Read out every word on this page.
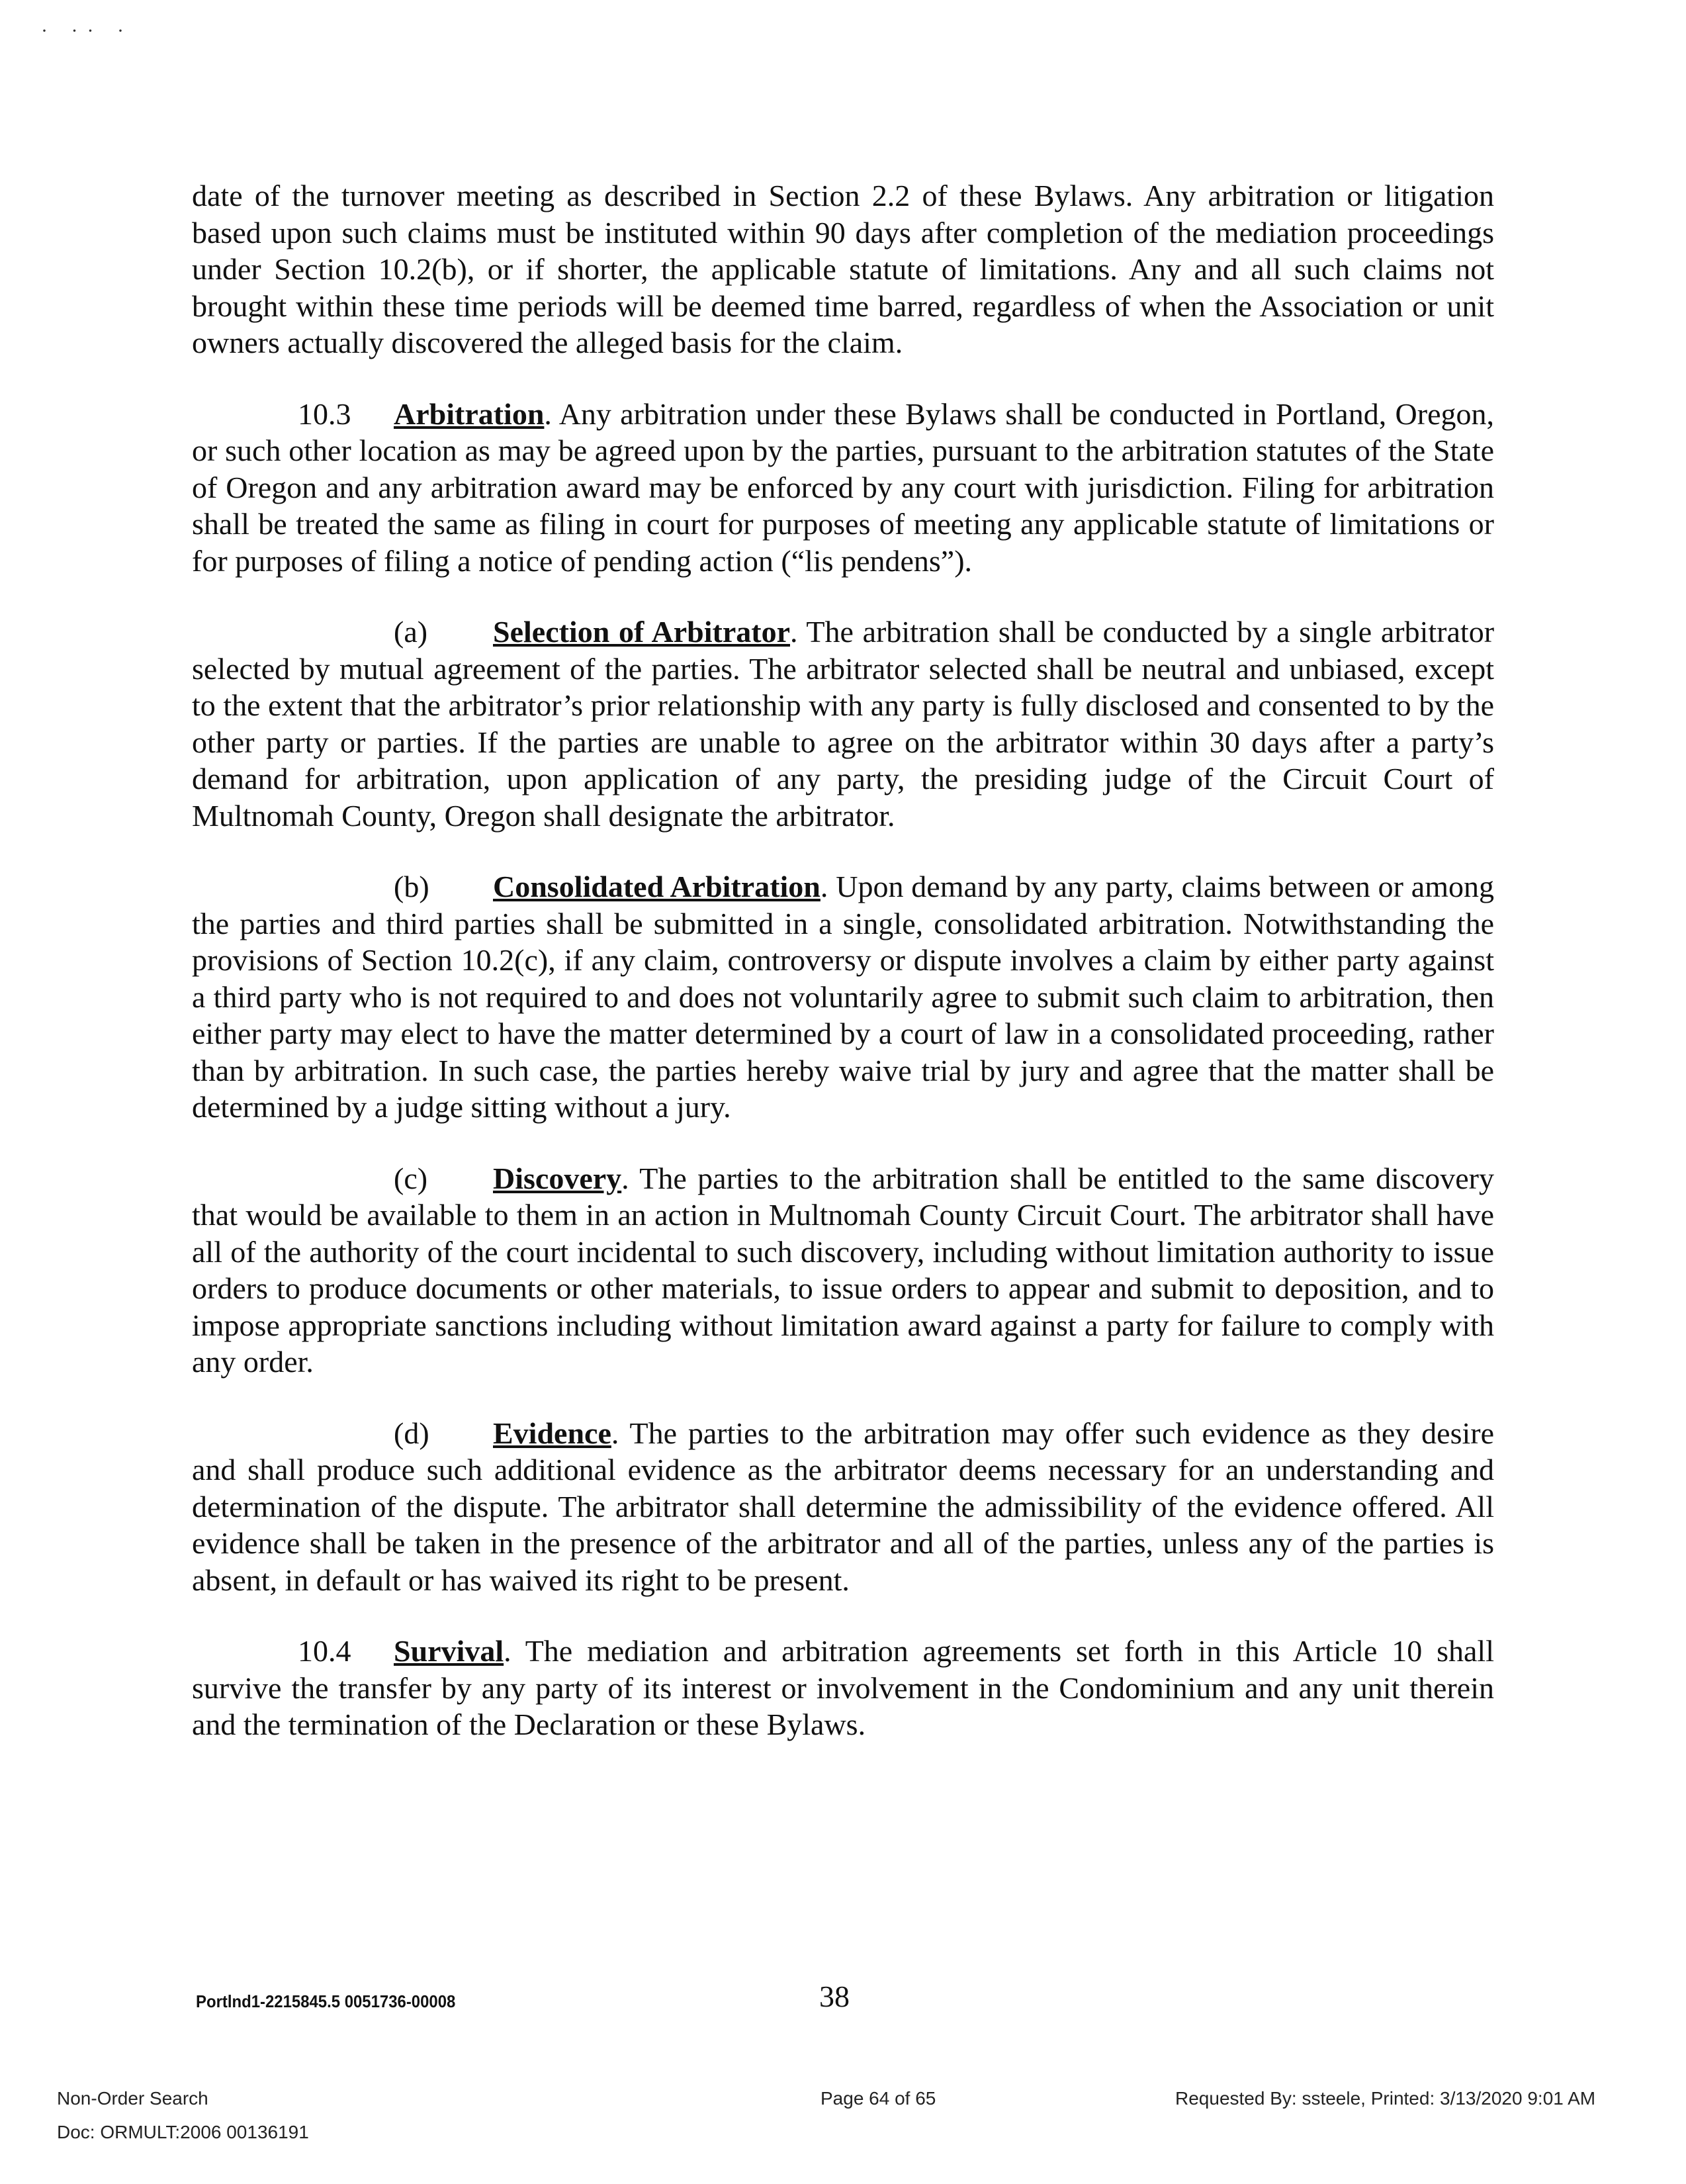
· ·· ·

date of the turnover meeting as described in Section 2.2 of these Bylaws. Any arbitration or litigation based upon such claims must be instituted within 90 days after completion of the mediation proceedings under Section 10.2(b), or if shorter, the applicable statute of limitations. Any and all such claims not brought within these time periods will be deemed time barred, regardless of when the Association or unit owners actually discovered the alleged basis for the claim.

10.3 Arbitration. Any arbitration under these Bylaws shall be conducted in Portland, Oregon, or such other location as may be agreed upon by the parties, pursuant to the arbitration statutes of the State of Oregon and any arbitration award may be enforced by any court with jurisdiction. Filing for arbitration shall be treated the same as filing in court for purposes of meeting any applicable statute of limitations or for purposes of filing a notice of pending action (“lis pendens”).

(a) Selection of Arbitrator. The arbitration shall be conducted by a single arbitrator selected by mutual agreement of the parties. The arbitrator selected shall be neutral and unbiased, except to the extent that the arbitrator’s prior relationship with any party is fully disclosed and consented to by the other party or parties. If the parties are unable to agree on the arbitrator within 30 days after a party’s demand for arbitration, upon application of any party, the presiding judge of the Circuit Court of Multnomah County, Oregon shall designate the arbitrator.

(b) Consolidated Arbitration. Upon demand by any party, claims between or among the parties and third parties shall be submitted in a single, consolidated arbitration. Notwithstanding the provisions of Section 10.2(c), if any claim, controversy or dispute involves a claim by either party against a third party who is not required to and does not voluntarily agree to submit such claim to arbitration, then either party may elect to have the matter determined by a court of law in a consolidated proceeding, rather than by arbitration. In such case, the parties hereby waive trial by jury and agree that the matter shall be determined by a judge sitting without a jury.

(c) Discovery. The parties to the arbitration shall be entitled to the same discovery that would be available to them in an action in Multnomah County Circuit Court. The arbitrator shall have all of the authority of the court incidental to such discovery, including without limitation authority to issue orders to produce documents or other materials, to issue orders to appear and submit to deposition, and to impose appropriate sanctions including without limitation award against a party for failure to comply with any order.

(d) Evidence. The parties to the arbitration may offer such evidence as they desire and shall produce such additional evidence as the arbitrator deems necessary for an understanding and determination of the dispute. The arbitrator shall determine the admissibility of the evidence offered. All evidence shall be taken in the presence of the arbitrator and all of the parties, unless any of the parties is absent, in default or has waived its right to be present.

10.4 Survival. The mediation and arbitration agreements set forth in this Article 10 shall survive the transfer by any party of its interest or involvement in the Condominium and any unit therein and the termination of the Declaration or these Bylaws.

Portlnd1-2215845.5 0051736-00008	38
Non-Order Search	Page 64 of 65	Requested By: ssteele, Printed: 3/13/2020 9:01 AM
Doc: ORMULT:2006 00136191
